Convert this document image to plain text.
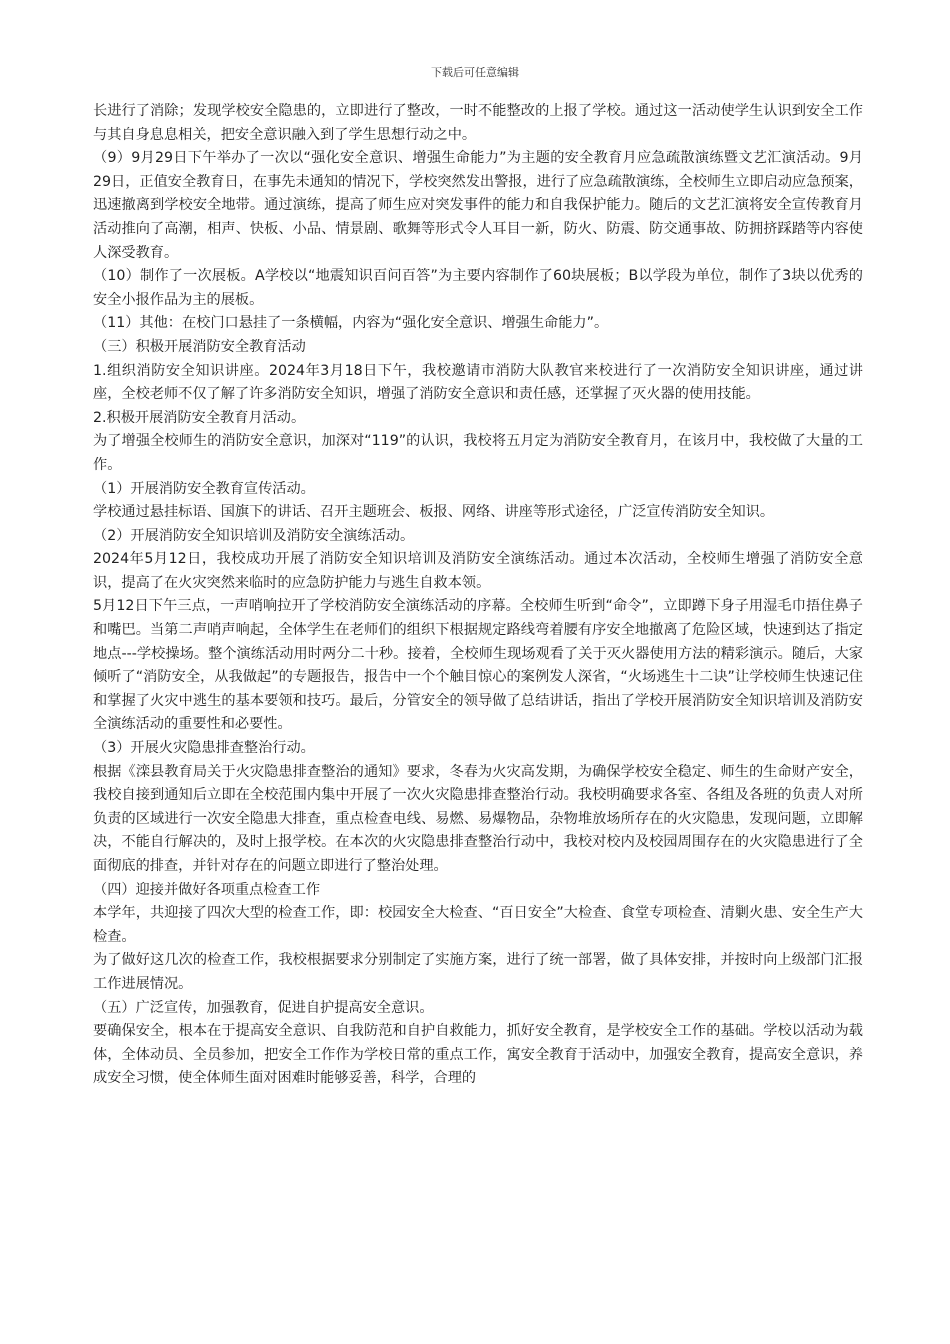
下载后可任意编辑

长进行了消除；发现学校安全隐患的，立即进行了整改，一时不能整改的上报了学校。通过这一活动使学生认识到安全工作与其自身息息相关，把安全意识融入到了学生思想行动之中。

（9）9月29日下午举办了一次以“强化安全意识、增强生命能力”为主题的安全教育月应急疏散演练暨文艺汇演活动。9月29日，正值安全教育日，在事先未通知的情况下，学校突然发出警报，进行了应急疏散演练，全校师生立即启动应急预案，迅速撤离到学校安全地带。通过演练，提高了师生应对突发事件的能力和自我保护能力。随后的文艺汇演将安全宣传教育月活动推向了高潮，相声、快板、小品、情景剧、歌舞等形式令人耳目一新，防火、防震、防交通事故、防拥挤踩踏等内容使人深受教育。

（10）制作了一次展板。A学校以“地震知识百问百答”为主要内容制作了60块展板；B以学段为单位，制作了3块以优秀的安全小报作品为主的展板。

（11）其他：在校门口悬挂了一条横幅，内容为“强化安全意识、增强生命能力”。

（三）积极开展消防安全教育活动

1.组织消防安全知识讲座。2024年3月18日下午，我校邀请市消防大队教官来校进行了一次消防安全知识讲座，通过讲座，全校老师不仅了解了许多消防安全知识，增强了消防安全意识和责任感，还掌握了灭火器的使用技能。

2.积极开展消防安全教育月活动。

为了增强全校师生的消防安全意识，加深对“119”的认识，我校将五月定为消防安全教育月，在该月中，我校做了大量的工作。

（1）开展消防安全教育宣传活动。

学校通过悬挂标语、国旗下的讲话、召开主题班会、板报、网络、讲座等形式途径，广泛宣传消防安全知识。

（2）开展消防安全知识培训及消防安全演练活动。

2024年5月12日，我校成功开展了消防安全知识培训及消防安全演练活动。通过本次活动，全校师生增强了消防安全意识，提高了在火灾突然来临时的应急防护能力与逃生自救本领。

5月12日下午三点，一声哨响拉开了学校消防安全演练活动的序幕。全校师生听到“命令”，立即蹲下身子用湿毛巾捂住鼻子和嘴巴。当第二声哨声响起，全体学生在老师们的组织下根据规定路线弯着腰有序安全地撤离了危险区域，快速到达了指定地点---学校操场。整个演练活动用时两分二十秒。接着，全校师生现场观看了关于灭火器使用方法的精彩演示。随后，大家倾听了“消防安全，从我做起”的专题报告，报告中一个个触目惊心的案例发人深省，“火场逃生十二诀”让学校师生快速记住和掌握了火灾中逃生的基本要领和技巧。最后，分管安全的领导做了总结讲话，指出了学校开展消防安全知识培训及消防安全演练活动的重要性和必要性。

（3）开展火灾隐患排查整治行动。

根据《滦县教育局关于火灾隐患排查整治的通知》要求，冬春为火灾高发期，为确保学校安全稳定、师生的生命财产安全，我校自接到通知后立即在全校范围内集中开展了一次火灾隐患排查整治行动。我校明确要求各室、各组及各班的负责人对所负责的区域进行一次安全隐患大排查，重点检查电线、易燃、易爆物品，杂物堆放场所存在的火灾隐患，发现问题，立即解决，不能自行解决的，及时上报学校。在本次的火灾隐患排查整治行动中，我校对校内及校园周围存在的火灾隐患进行了全面彻底的排查，并针对存在的问题立即进行了整治处理。

（四）迎接并做好各项重点检查工作

本学年，共迎接了四次大型的检查工作，即：校园安全大检查、“百日安全”大检查、食堂专项检查、清剿火患、安全生产大检查。

为了做好这几次的检查工作，我校根据要求分别制定了实施方案，进行了统一部署，做了具体安排，并按时向上级部门汇报工作进展情况。

（五）广泛宣传，加强教育，促进自护提高安全意识。

要确保安全，根本在于提高安全意识、自我防范和自护自救能力，抓好安全教育，是学校安全工作的基础。学校以活动为载体，全体动员、全员参加，把安全工作作为学校日常的重点工作，寓安全教育于活动中，加强安全教育，提高安全意识，养成安全习惯，使全体师生面对困难时能够妥善，科学，合理的
